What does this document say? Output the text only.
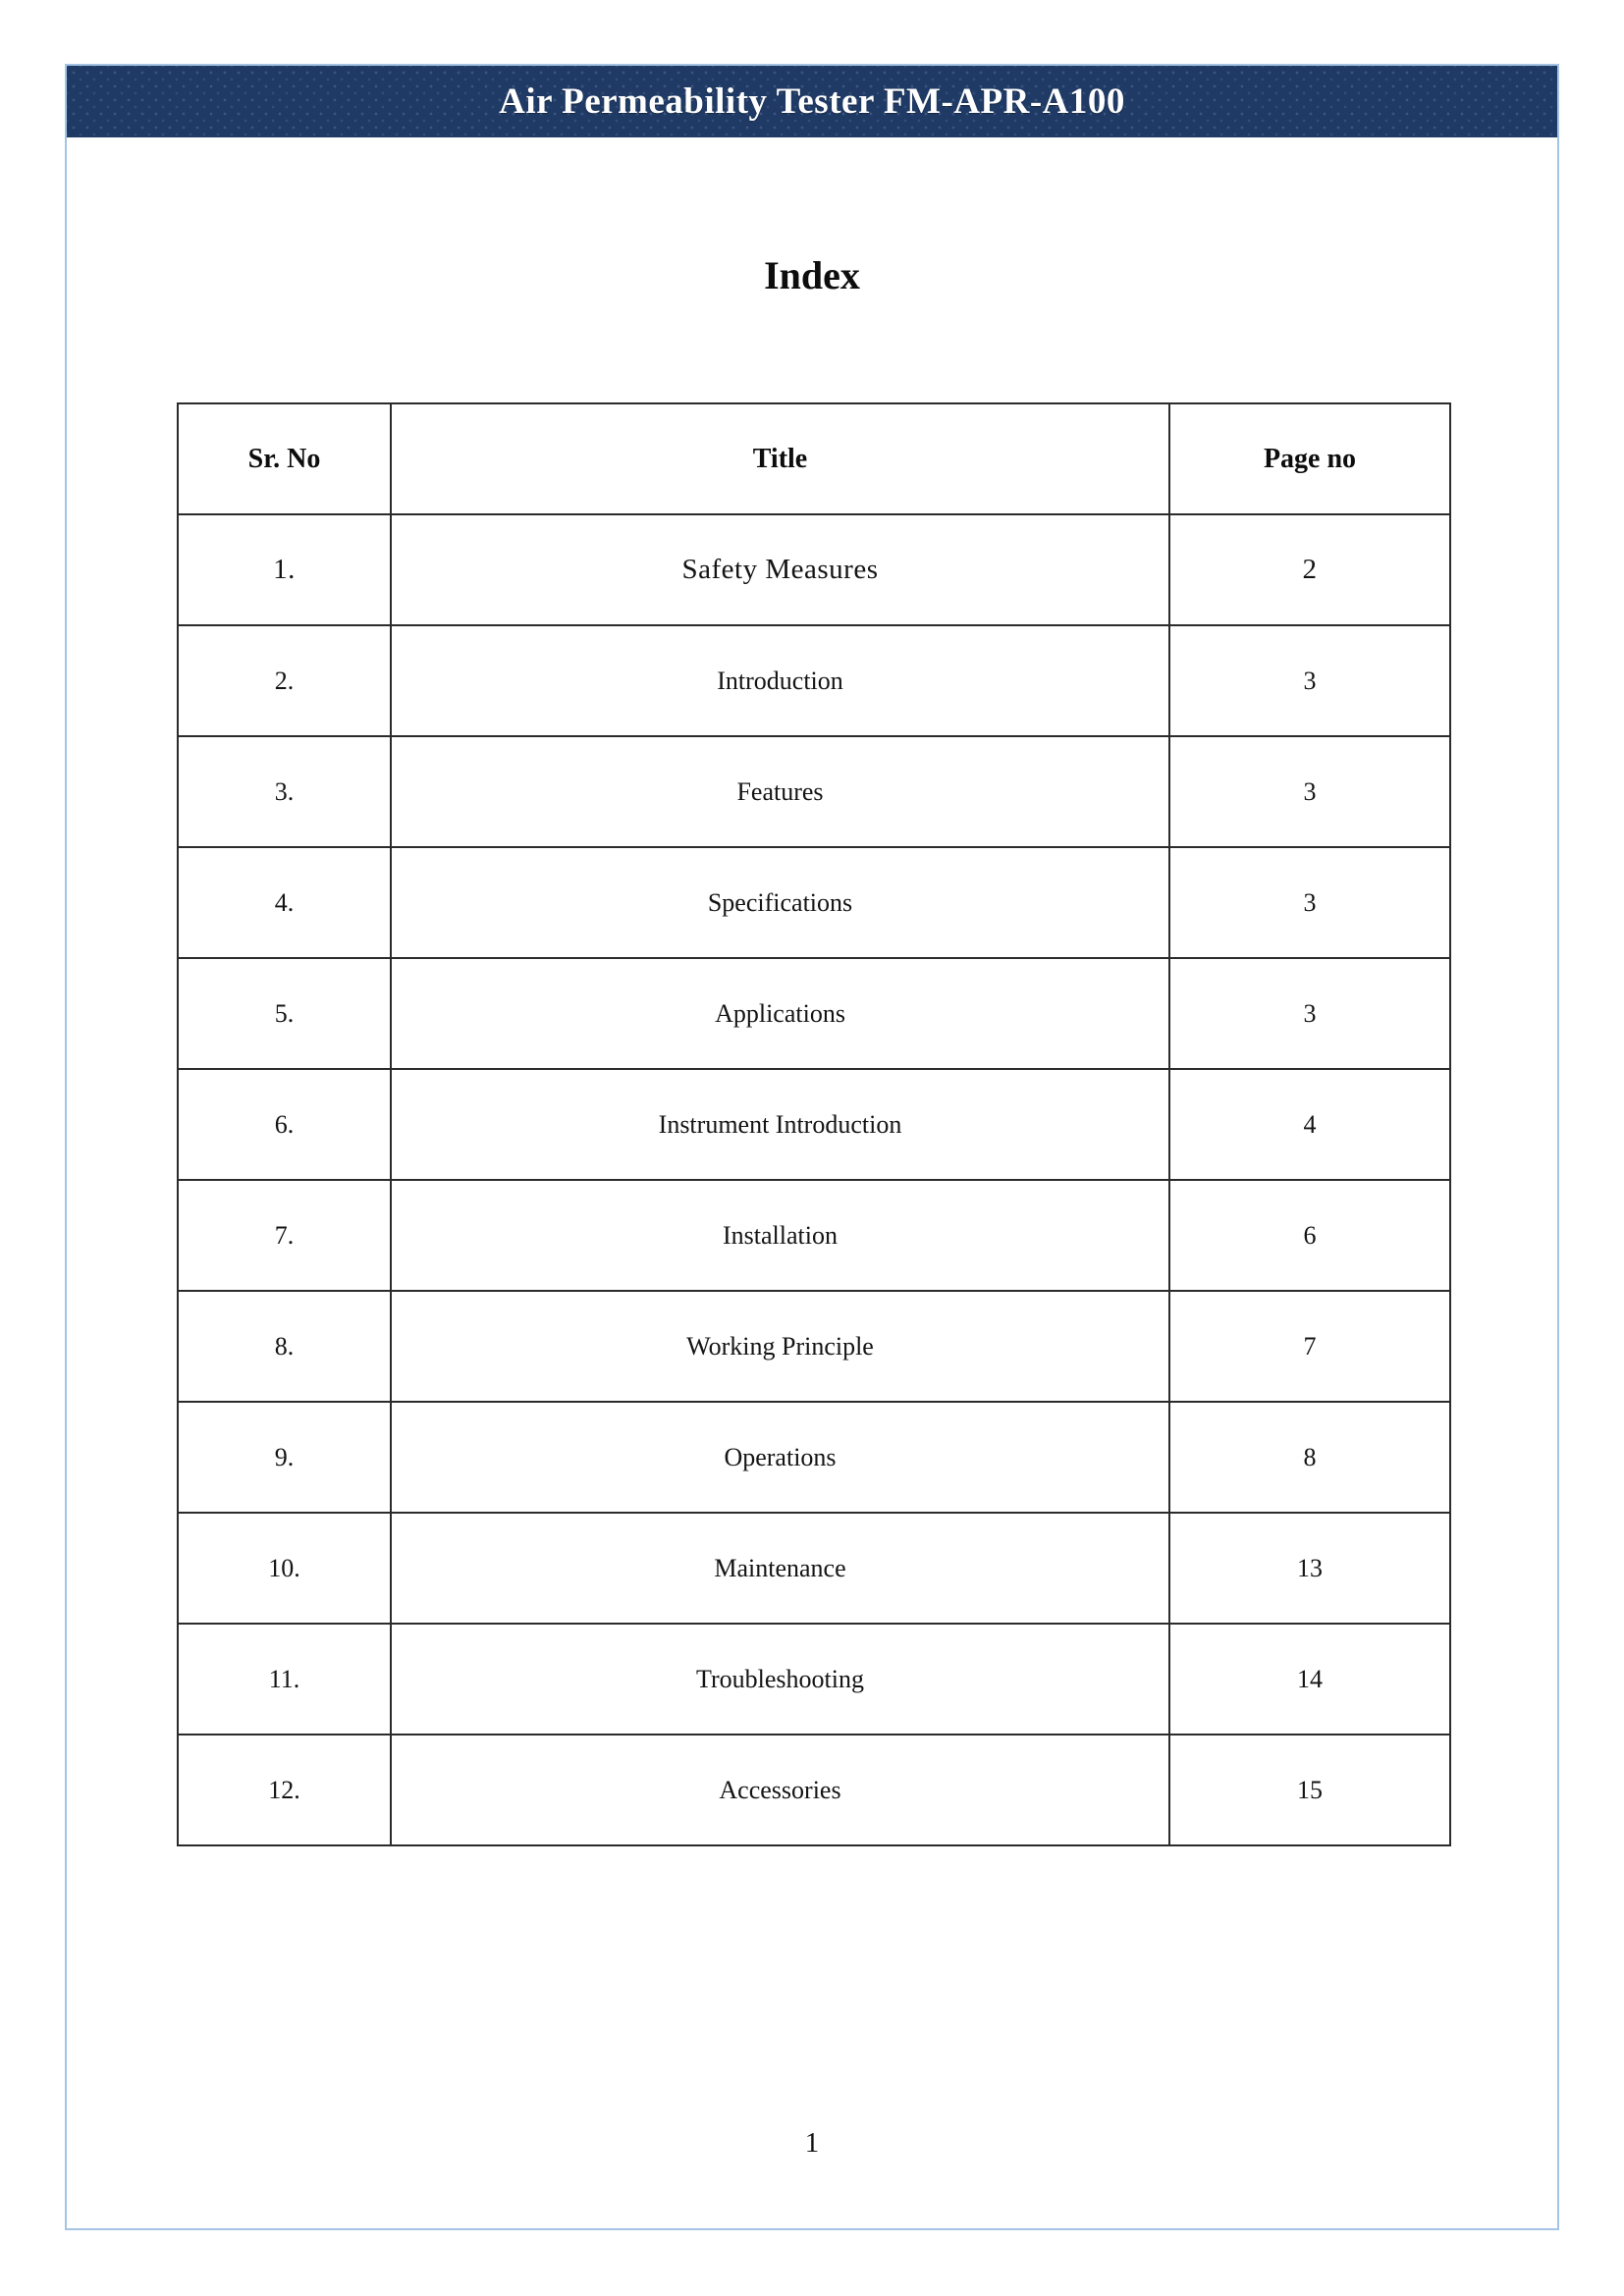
Air Permeability Tester FM-APR-A100
Index
Sr. No	Title	Page no
1.	Safety Measures	2
2.	Introduction	3
3.	Features	3
4.	Specifications	3
5.	Applications	3
6.	Instrument Introduction	4
7.	Installation	6
8.	Working Principle	7
9.	Operations	8
10.	Maintenance	13
11.	Troubleshooting	14
12.	Accessories	15
1
